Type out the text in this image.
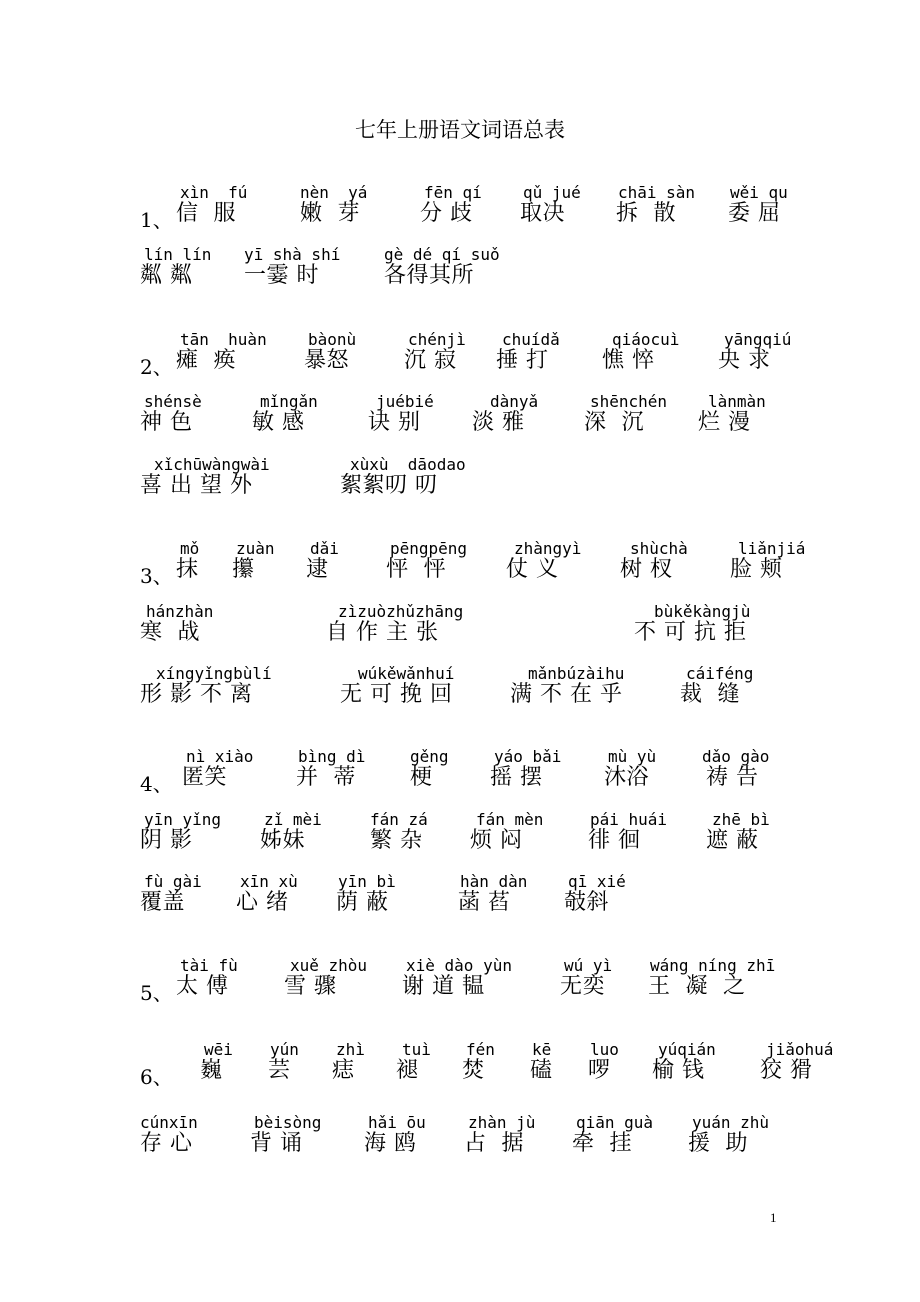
七年上册语文词语总表
1、
xìn  fú
信  服
nèn  yá
嫩  芽
fēn qí
分 歧
qǔ jué
取决
chāi sàn
拆  散
wěi qu
委 屈
lín lín
粼 粼
yī shà shí
一霎 时
gè dé qí suǒ
各得其所
2、
tān  huàn
瘫  痪
bàonù
暴怒
chénjì
沉 寂
chuídǎ
捶 打
qiáocuì
憔 悴
yāngqiú
央 求
shénsè
神 色
mǐngǎn
敏 感
juébié
诀 别
dànyǎ
淡 雅
shēnchén
深  沉
lànmàn
烂 漫
xǐchūwàngwài
喜 出 望 外
xùxù  dāodao
絮絮叨 叨
3、
mǒ
抹
zuàn
攥
dǎi
逮
pēngpēng
怦  怦
zhàngyì
仗 义
shùchà
树 杈
liǎnjiá
脸 颊
hánzhàn
寒  战
zìzuòzhǔzhāng
自 作 主 张
bùkěkàngjù
不 可 抗 拒
xíngyǐngbùlí
形 影 不 离
wúkěwǎnhuí
无 可 挽 回
mǎnbúzàihu
满 不 在 乎
cáiféng
裁  缝
4、
nì xiào
匿笑
bìng dì
并  蒂
gěng
梗
yáo bǎi
摇 摆
mù yù
沐浴
dǎo gào
祷 告
yīn yǐng
阴 影
zǐ mèi
姊妹
fán zá
繁 杂
fán mèn
烦 闷
pái huái
徘 徊
zhē bì
遮 蔽
fù gài
覆盖
xīn xù
心 绪
yīn bì
荫 蔽
hàn dàn
菡 萏
qī xié
攲斜
5、
tài fù
太 傅
xuě zhòu
雪 骤
xiè dào yùn
谢 道 韫
wú yì
无奕
wáng níng zhī
王  凝  之
6、
wēi
巍
yún
芸
zhì
痣
tuì
褪
fén
焚
kē
磕
luo
啰
yúqián
榆 钱
jiǎohuá
狡 猾
cúnxīn
存 心
bèisòng
背 诵
hǎi ōu
海 鸥
zhàn jù
占  据
qiān guà
牵  挂
yuán zhù
援  助
1
